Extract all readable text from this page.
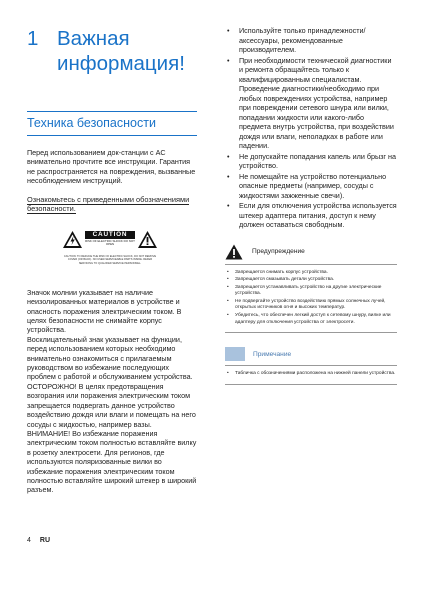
1 Важная
информация!
Техника безопасности

Перед использованием док-станции с AC внимательно прочтите все инструкции. Гарантия не распространяется на повреждения, вызванные несоблюдением инструкций.

Ознакомьтесь с приведенными обозначениями безопасности.

CAUTION
RISK OF ELECTRIC SHOCK DO NOT OPEN
CAUTION: TO REDUCE THE RISK OF ELECTRIC SHOCK, DO NOT REMOVE COVER (OR BACK). NO USER-SERVICEABLE PARTS INSIDE. REFER SERVICING TO QUALIFIED SERVICE PERSONNEL.

Значок молнии указывает на наличие неизолированных материалов в устройстве и опасность поражения электрическим током. В целях безопасности не снимайте корпус устройства.

Восклицательный знак указывает на функции, перед использованием которых необходимо внимательно ознакомиться с прилагаемым руководством во избежание последующих проблем с работой и обслуживанием устройства.

ОСТОРОЖНО! В целях предотвращения возгорания или поражения электрическим током запрещается подвергать данное устройство воздействию дождя или влаги и помещать на него сосуды с жидкостью, например вазы.

ВНИМАНИЕ! Во избежание поражения электрическим током полностью вставляйте вилку в розетку электросети. Для регионов, где используются поляризованные вилки во избежание поражения электрическим током полностью вставляйте широкий штекер в широкий разъем.

• Используйте только принадлежности/ аксессуары, рекомендованные производителем.
• При необходимости технической диагностики и ремонта обращайтесь только к квалифицированным специалистам. Проведение диагностики/необходимо при любых повреждениях устройства, например при повреждении сетевого шнура или вилки, попадании жидкости или какого-либо предмета внутрь устройства, при воздействии дождя или влаги, неполадках в работе или падении.
• Не допускайте попадания капель или брызг на устройство.
• Не помещайте на устройство потенциально опасные предметы (например, сосуды с жидкостями зажженные свечи).
• Если для отключения устройства используется штекер адаптера питания, доступ к нему должен оставаться свободным.
Предупреждение
• Запрещается снимать корпус устройства.
• Запрещается смазывать детали устройства.
• Запрещается устанавливать устройство на другие электрические устройства.
• Не подвергайте устройство воздействию прямых солнечных лучей, открытых источников огня и высоких температур.
• Убедитесь, что обеспечен легкий доступ к сетевому шнуру, вилке или адаптеру для отключения устройства от электросети.
Примечание
• Табличка с обозначениями расположена на нижней панели устройства.
4 RU
